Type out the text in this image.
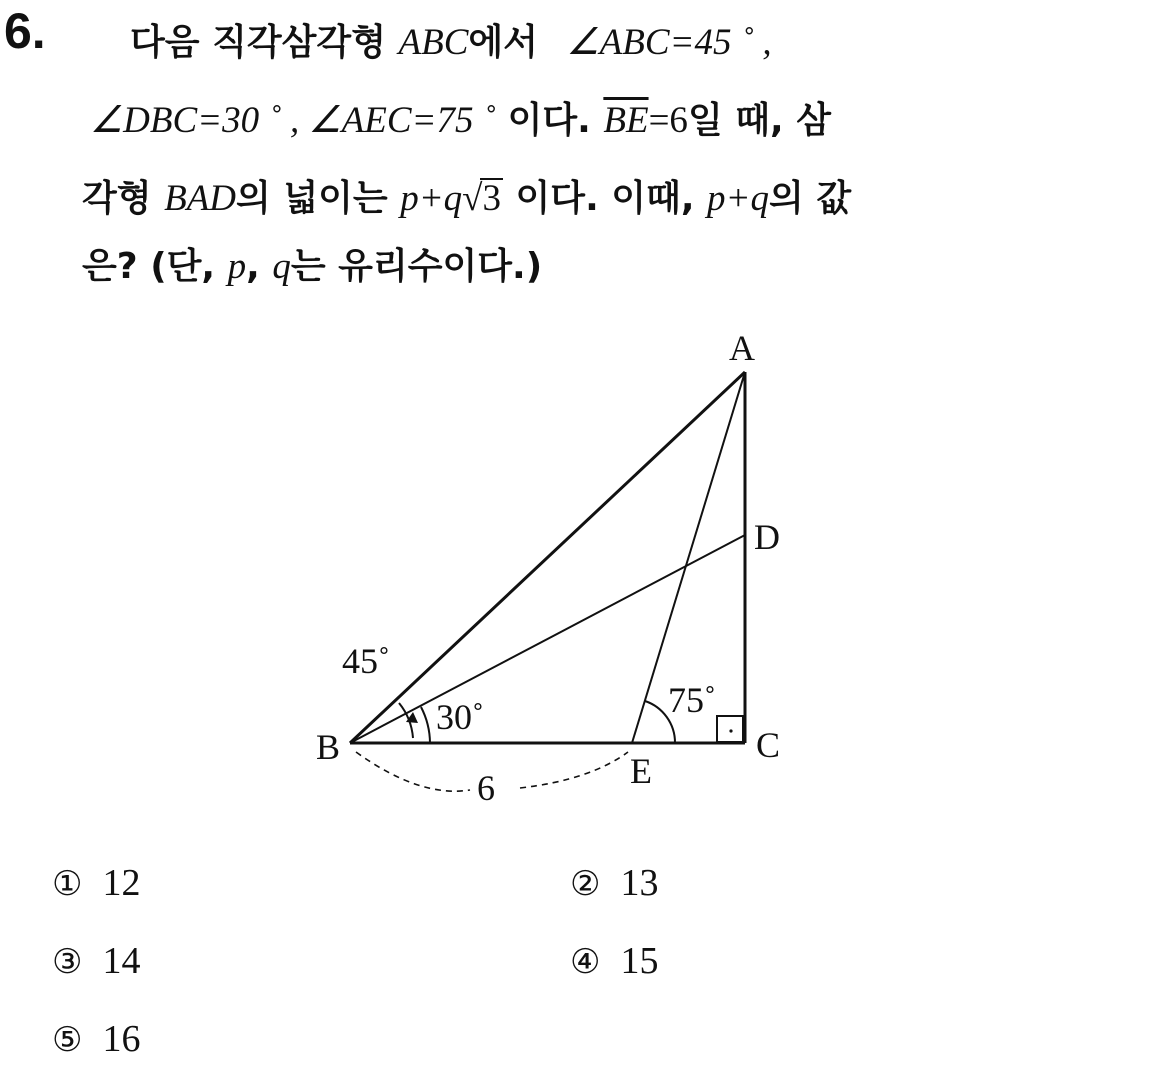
6. 다음 직각삼각형 ABC에서 ∠ABC=45 ˚ ,
∠DBC=30 ˚ , ∠AEC=75 ˚ 이다. $\overline{BE}=6$일 때, 삼
각형 BAD의 넓이는 p+q√3 이다. 이때, p+q의 값
은? (단, p, q는 유리수이다.)
A
B	C
D
E
45˚
30˚	75˚
6
① 12	② 13
③ 14	④ 15
⑤ 16
